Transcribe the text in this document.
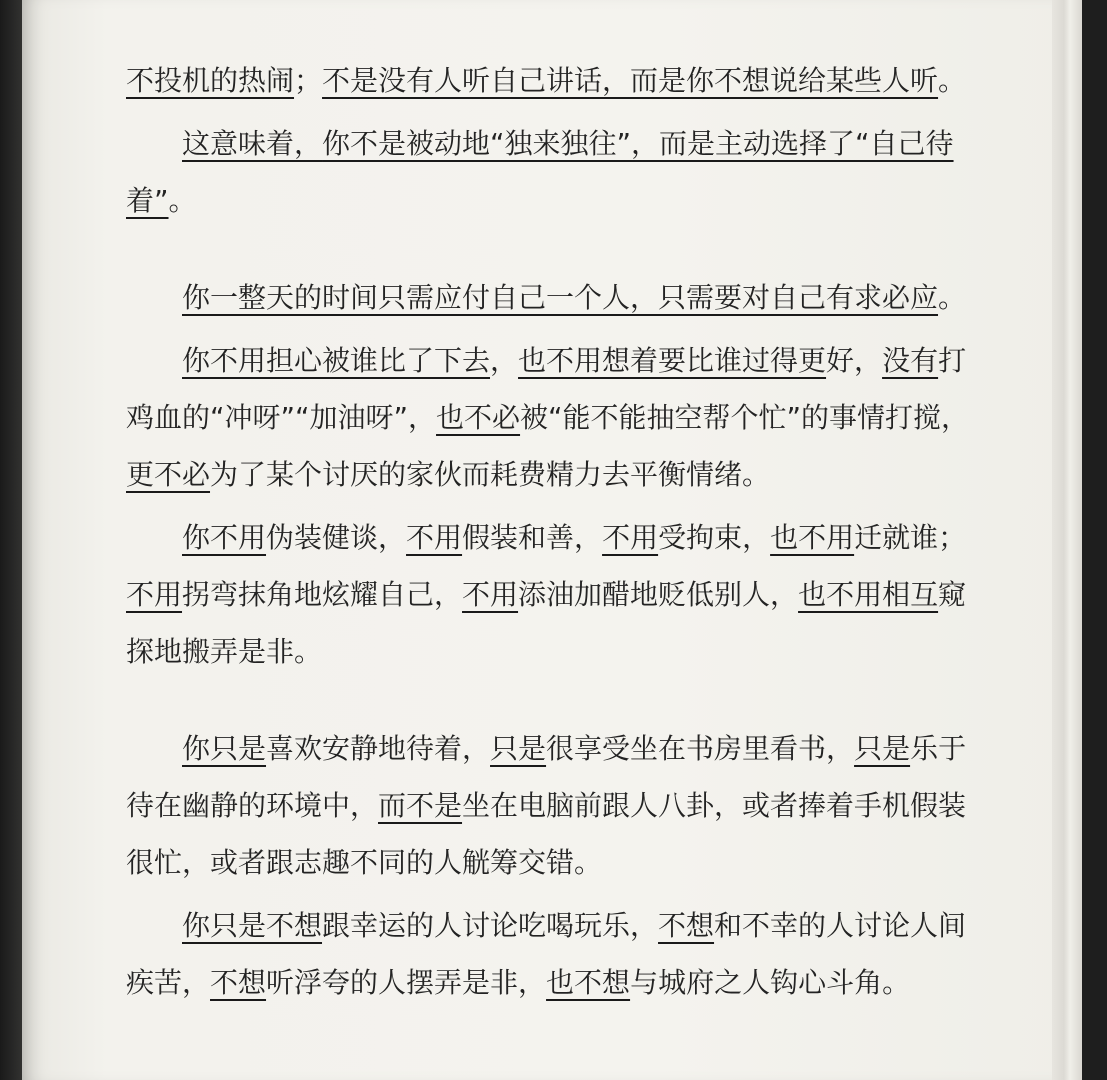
不投机的热闹；不是没有人听自己讲话，而是你不想说给某些人听。

这意味着，你不是被动地“独来独往”，而是主动选择了“自己待着”。

你一整天的时间只需应付自己一个人，只需要对自己有求必应。

你不用担心被谁比了下去，也不用想着要比谁过得更好，没有打鸡血的“冲呀”“加油呀”，也不必被“能不能抽空帮个忙”的事情打搅，更不必为了某个讨厌的家伙而耗费精力去平衡情绪。

你不用伪装健谈，不用假装和善，不用受拘束，也不用迁就谁；不用拐弯抹角地炫耀自己，不用添油加醋地贬低别人，也不用相互窥探地搬弄是非。

你只是喜欢安静地待着，只是很享受坐在书房里看书，只是乐于待在幽静的环境中，而不是坐在电脑前跟人八卦，或者捧着手机假装很忙，或者跟志趣不同的人觥筹交错。

你只是不想跟幸运的人讨论吃喝玩乐，不想和不幸的人讨论人间疾苦，不想听浮夸的人摆弄是非，也不想与城府之人钩心斗角。
